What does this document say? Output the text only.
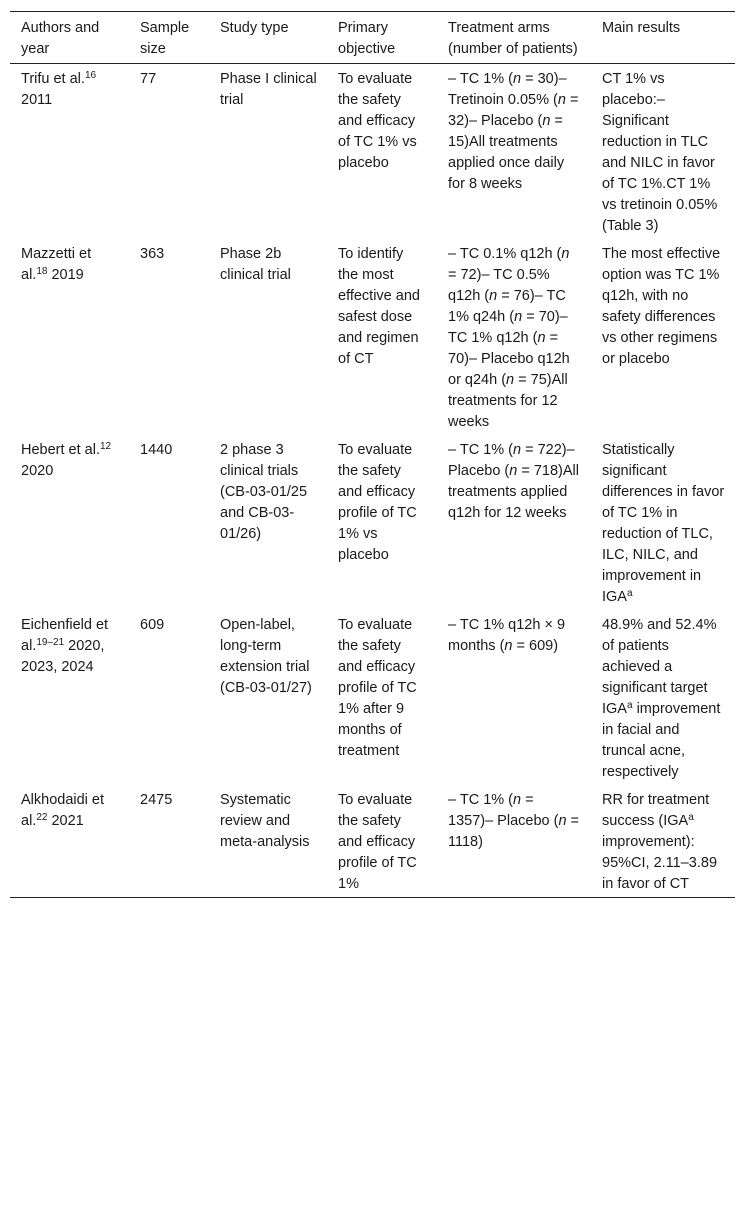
Authors and year	Sample size	Study type	Primary objective	Treatment arms (number of patients)	Main results
Trifu et al.$^{16}$ 2011	77	Phase I clinical trial	To evaluate the safety and efficacy of TC 1% vs placebo	– TC 1% (n = 30)– Tretinoin 0.05% (n = 32)– Placebo (n = 15)All treatments applied once daily for 8 weeks	CT 1% vs placebo:– Significant reduction in TLC and NILC in favor of TC 1%.CT 1% vs tretinoin 0.05% (Table 3)
Mazzetti et al.$^{18}$ 2019	363	Phase 2b clinical trial	To identify the most effective and safest dose and regimen of CT	– TC 0.1% q12h (n = 72)– TC 0.5% q12h (n = 76)– TC 1% q24h (n = 70)– TC 1% q12h (n = 70)– Placebo q12h or q24h (n = 75)All treatments for 12 weeks	The most effective option was TC 1% q12h, with no safety differences vs other regimens or placebo
Hebert et al.$^{12}$ 2020	1440	2 phase 3 clinical trials (CB-03-01/25 and CB-03-01/26)	To evaluate the safety and efficacy profile of TC 1% vs placebo	– TC 1% (n = 722)– Placebo (n = 718)All treatments applied q12h for 12 weeks	Statistically significant differences in favor of TC 1% in reduction of TLC, ILC, NILC, and improvement in IGA$^a$
Eichenfield et al.$^{19-21}$ 2020, 2023, 2024	609	Open-label, long-term extension trial (CB-03-01/27)	To evaluate the safety and efficacy profile of TC 1% after 9 months of treatment	– TC 1% q12h × 9 months (n = 609)	48.9% and 52.4% of patients achieved a significant target IGA$^a$ improvement in facial and truncal acne, respectively
Alkhodaidi et al.$^{22}$ 2021	2475	Systematic review and meta-analysis	To evaluate the safety and efficacy profile of TC 1%	– TC 1% (n = 1357)– Placebo (n = 1118)	RR for treatment success (IGA$^a$ improvement): 95%CI, 2.11–3.89 in favor of CT
